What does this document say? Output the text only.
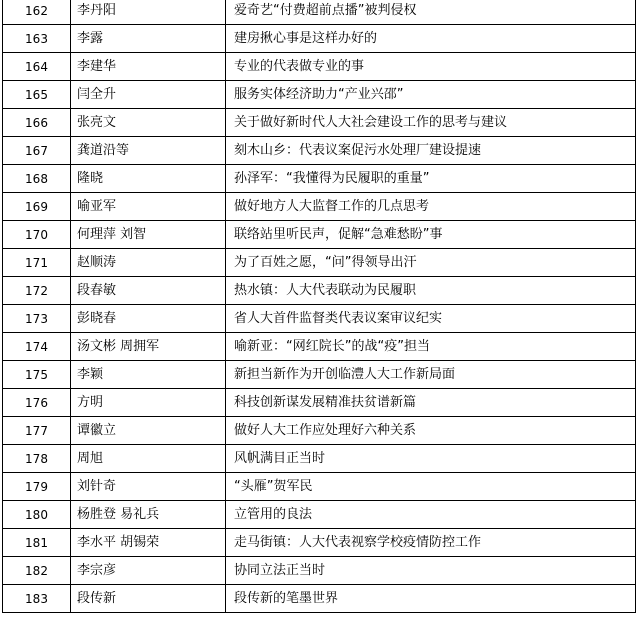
162	李丹阳	爱奇艺“付费超前点播”被判侵权
163	李露	建房揪心事是这样办好的
164	李建华	专业的代表做专业的事
165	闫全升	服务实体经济助力“产业兴邵”
166	张亮文	关于做好新时代人大社会建设工作的思考与建议
167	龚道沿等	刻木山乡：代表议案促污水处理厂建设提速
168	隆晓	孙泽军：“我懂得为民履职的重量”
169	喻亚军	做好地方人大监督工作的几点思考
170	何理萍 刘智	联络站里听民声，促解“急难愁盼”事
171	赵顺涛	为了百姓之愿，“问”得领导出汗
172	段春敏	热水镇：人大代表联动为民履职
173	彭晓春	省人大首件监督类代表议案审议纪实
174	汤文彬 周拥军	喻新亚：“网红院长”的战“疫”担当
175	李颖	新担当新作为开创临澧人大工作新局面
176	方明	科技创新谋发展精准扶贫谱新篇
177	谭徽立	做好人大工作应处理好六种关系
178	周旭	风帆满目正当时
179	刘针奇	“头雁”贺军民
180	杨胜登 易礼兵	立管用的良法
181	李水平 胡锡荣	走马街镇：人大代表视察学校疫情防控工作
182	李宗彦	协同立法正当时
183	段传新	段传新的笔墨世界
